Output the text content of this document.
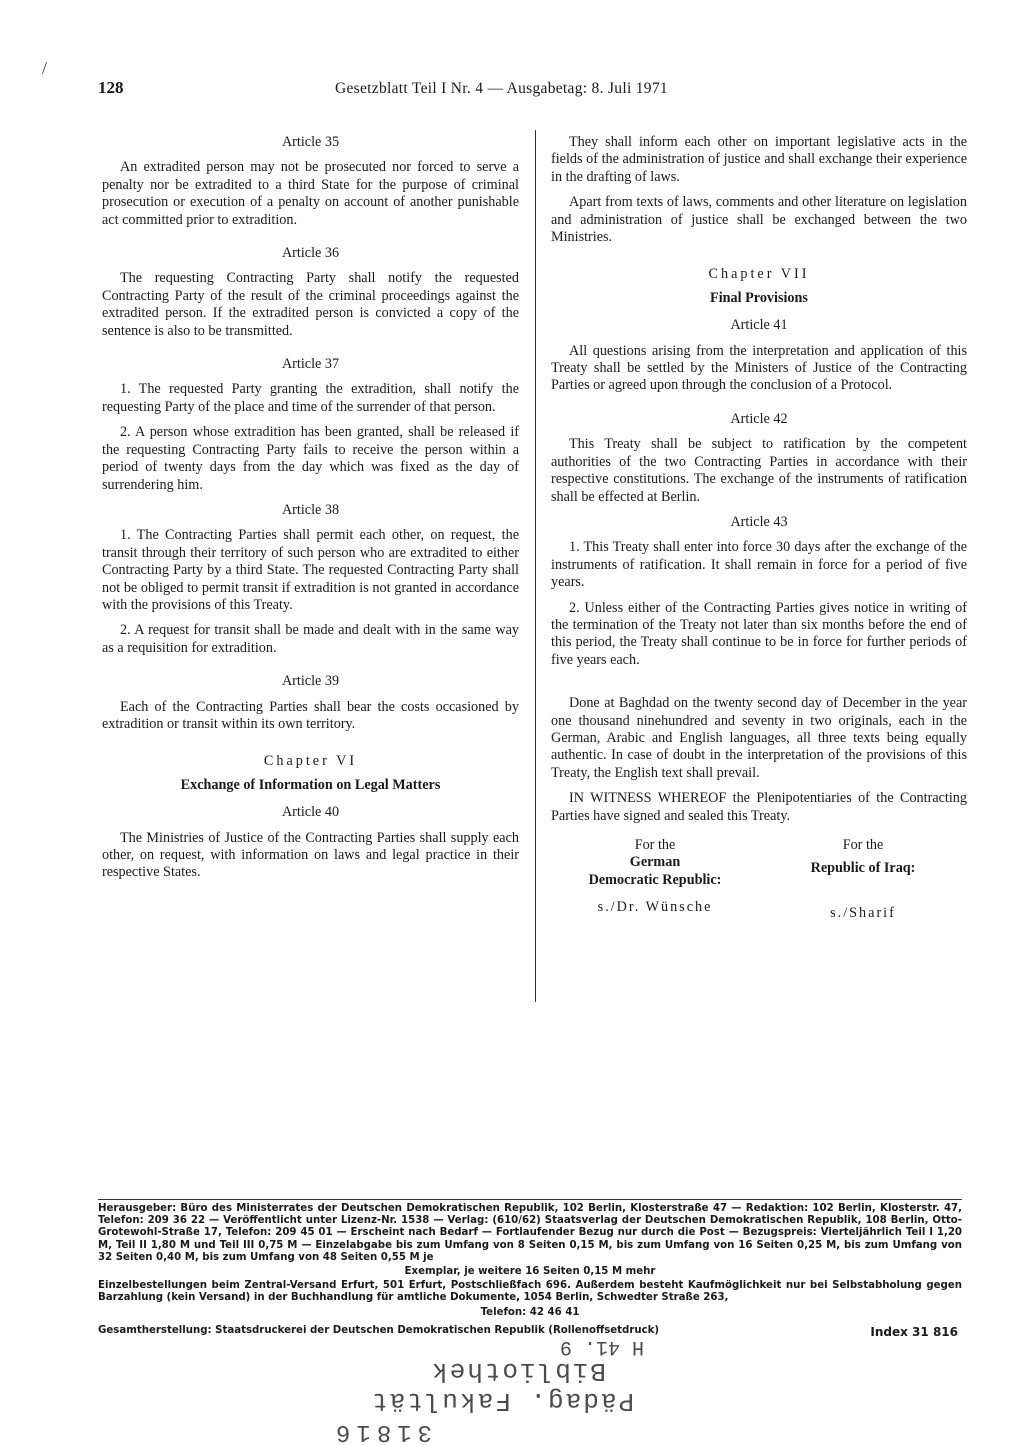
/
128	Gesetzblatt Teil I Nr. 4 — Ausgabetag: 8. Juli 1971

Article 35

An extradited person may not be prosecuted nor forced to serve a penalty nor be extradited to a third State for the purpose of criminal prosecution or execution of a penalty on account of another punishable act committed prior to extradition.

Article 36

The requesting Contracting Party shall notify the requested Contracting Party of the result of the criminal proceedings against the extradited person. If the extradited person is convicted a copy of the sentence is also to be transmitted.

Article 37

1. The requested Party granting the extradition, shall notify the requesting Party of the place and time of the surrender of that person.

2. A person whose extradition has been granted, shall be released if the requesting Contracting Party fails to receive the person within a period of twenty days from the day which was fixed as the day of surrendering him.

Article 38

1. The Contracting Parties shall permit each other, on request, the transit through their territory of such person who are extradited to either Contracting Party by a third State. The requested Contracting Party shall not be obliged to permit transit if extradition is not granted in accordance with the provisions of this Treaty.

2. A request for transit shall be made and dealt with in the same way as a requisition for extradition.

Article 39

Each of the Contracting Parties shall bear the costs occasioned by extradition or transit within its own territory.

Chapter VI

Exchange of Information on Legal Matters

Article 40

The Ministries of Justice of the Contracting Parties shall supply each other, on request, with information on laws and legal practice in their respective States.

They shall inform each other on important legislative acts in the fields of the administration of justice and shall exchange their experience in the drafting of laws.

Apart from texts of laws, comments and other literature on legislation and administration of justice shall be exchanged between the two Ministries.

Chapter VII

Final Provisions

Article 41

All questions arising from the interpretation and application of this Treaty shall be settled by the Ministers of Justice of the Contracting Parties or agreed upon through the conclusion of a Protocol.

Article 42

This Treaty shall be subject to ratification by the competent authorities of the two Contracting Parties in accordance with their respective constitutions. The exchange of the instruments of ratification shall be effected at Berlin.

Article 43

1. This Treaty shall enter into force 30 days after the exchange of the instruments of ratification. It shall remain in force for a period of five years.

2. Unless either of the Contracting Parties gives notice in writing of the termination of the Treaty not later than six months before the end of this period, the Treaty shall continue to be in force for further periods of five years each.

Done at Baghdad on the twenty second day of December in the year one thousand ninehundred and seventy in two originals, each in the German, Arabic and English languages, all three texts being equally authentic. In case of doubt in the interpretation of the provisions of this Treaty, the English text shall prevail.

IN WITNESS WHEREOF the Plenipotentiaries of the Contracting Parties have signed and sealed this Treaty.

For the
German
Democratic Republic:
s./Dr. Wünsche
For the
Republic of Iraq:
s./Sharif

Herausgeber: Büro des Ministerrates der Deutschen Demokratischen Republik, 102 Berlin, Klosterstraße 47 — Redaktion: 102 Berlin, Klosterstr. 47, Telefon: 209 36 22 — Veröffentlicht unter Lizenz-Nr. 1538 — Verlag: (610/62) Staatsverlag der Deutschen Demokratischen Republik, 108 Berlin, Otto-Grotewohl-Straße 17, Telefon: 209 45 01 — Erscheint nach Bedarf — Fortlaufender Bezug nur durch die Post — Bezugspreis: Vierteljährlich Teil I 1,20 M, Teil II 1,80 M und Teil III 0,75 M — Einzelabgabe bis zum Umfang von 8 Seiten 0,15 M, bis zum Umfang von 16 Seiten 0,25 M, bis zum Umfang von 32 Seiten 0,40 M, bis zum Umfang von 48 Seiten 0,55 M je

Exemplar, je weitere 16 Seiten 0,15 M mehr

Einzelbestellungen beim Zentral-Versand Erfurt, 501 Erfurt, Postschließfach 696. Außerdem besteht Kaufmöglichkeit nur bei Selbstabholung gegen Barzahlung (kein Versand) in der Buchhandlung für amtliche Dokumente, 1054 Berlin, Schwedter Straße 263,

Telefon: 42 46 41

Gesamtherstellung: Staatsdruckerei der Deutschen Demokratischen Republik (Rollenoffsetdruck)	Index 31 816
H 41. 9
Bibliothek
Pädag. Fakultät
31816
